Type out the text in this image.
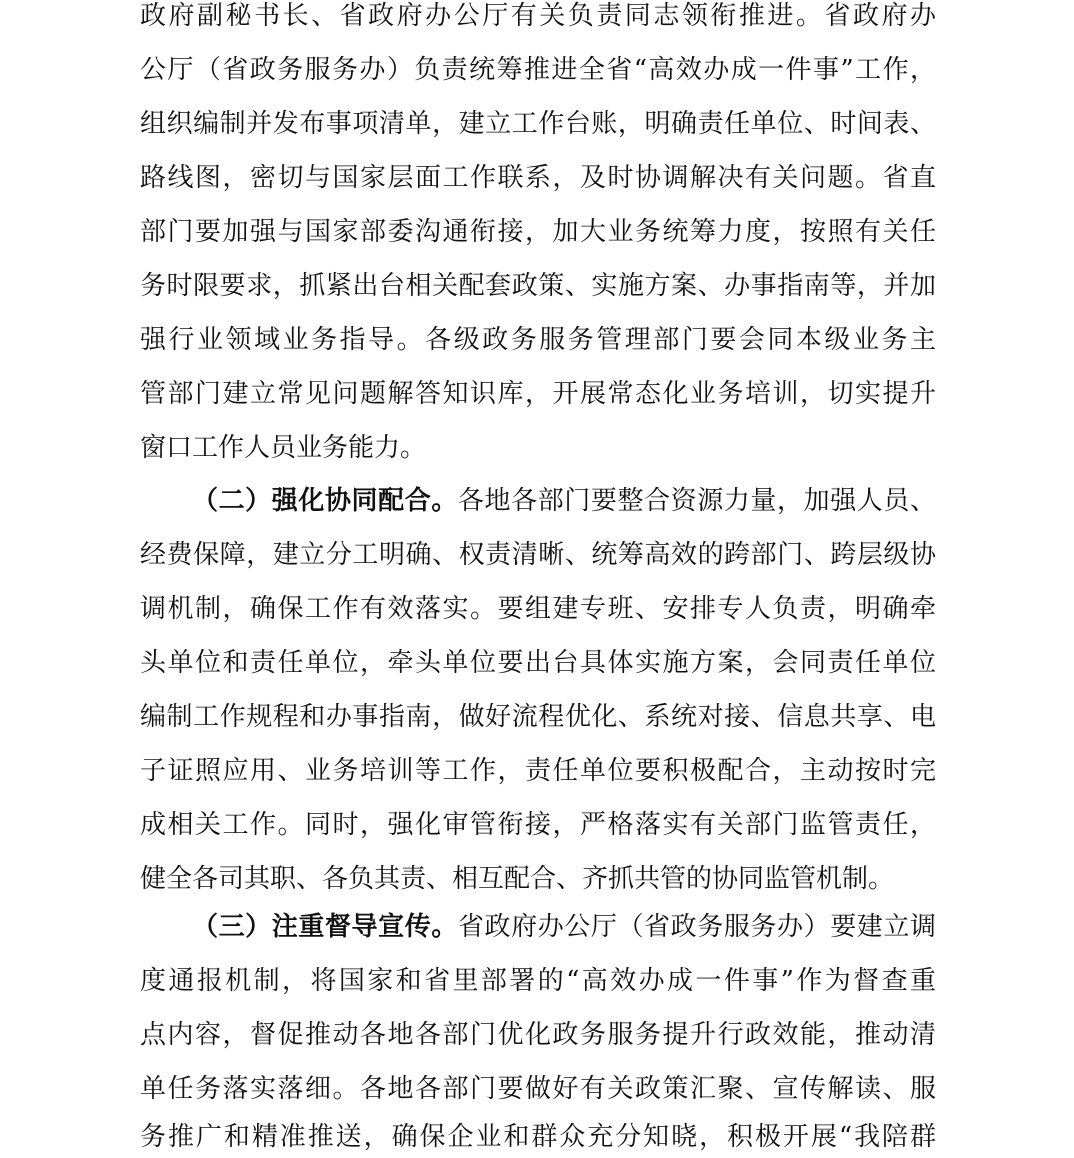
政府副秘书长、省政府办公厅有关负责同志领衔推进。省政府办
公厅（省政务服务办）负责统筹推进全省“高效办成一件事”工作，
组织编制并发布事项清单，建立工作台账，明确责任单位、时间表、
路线图，密切与国家层面工作联系，及时协调解决有关问题。省直
部门要加强与国家部委沟通衔接，加大业务统筹力度，按照有关任
务时限要求，抓紧出台相关配套政策、实施方案、办事指南等，并加
强行业领域业务指导。各级政务服务管理部门要会同本级业务主
管部门建立常见问题解答知识库，开展常态化业务培训，切实提升
窗口工作人员业务能力。
（二）强化协同配合。各地各部门要整合资源力量，加强人员、
经费保障，建立分工明确、权责清晰、统筹高效的跨部门、跨层级协
调机制，确保工作有效落实。要组建专班、安排专人负责，明确牵
头单位和责任单位，牵头单位要出台具体实施方案，会同责任单位
编制工作规程和办事指南，做好流程优化、系统对接、信息共享、电
子证照应用、业务培训等工作，责任单位要积极配合，主动按时完
成相关工作。同时，强化审管衔接，严格落实有关部门监管责任，
健全各司其职、各负其责、相互配合、齐抓共管的协同监管机制。
（三）注重督导宣传。省政府办公厅（省政务服务办）要建立调
度通报机制，将国家和省里部署的“高效办成一件事”作为督查重
点内容，督促推动各地各部门优化政务服务提升行政效能，推动清
单任务落实落细。各地各部门要做好有关政策汇聚、宣传解读、服
务推广和精准推送，确保企业和群众充分知晓，积极开展“我陪群
